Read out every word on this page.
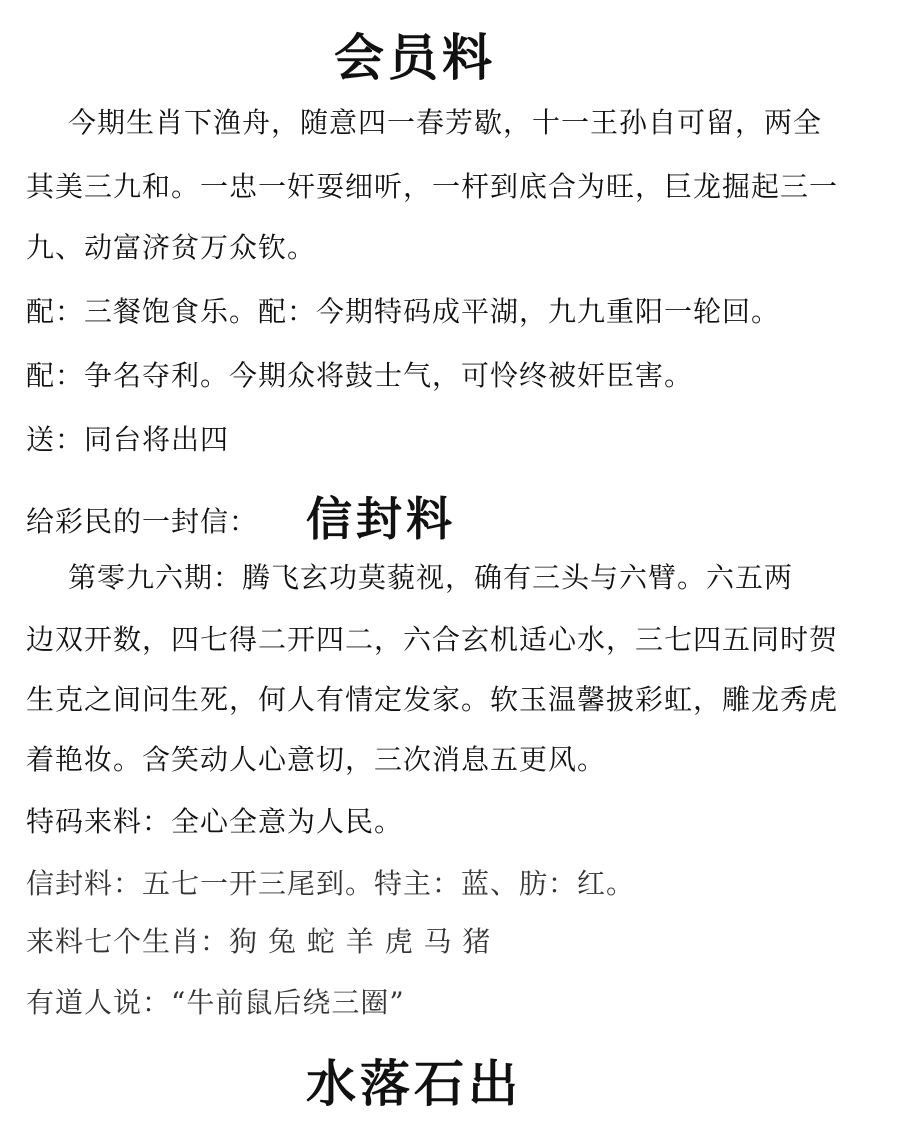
会员料
今期生肖下渔舟，随意四一春芳歇，十一王孙自可留，两全
其美三九和。一忠一奸耍细听，一杆到底合为旺，巨龙掘起三一
九、动富济贫万众钦。
配：三餐饱食乐。配：今期特码成平湖，九九重阳一轮回。
配：争名夺利。今期众将鼓士气，可怜终被奸臣害。
送：同台将出四
给彩民的一封信： 信封料
第零九六期：腾飞玄功莫藐视，确有三头与六臂。六五两
边双开数，四七得二开四二，六合玄机适心水，三七四五同时贺
生克之间问生死，何人有情定发家。软玉温馨披彩虹，雕龙秀虎
着艳妆。含笑动人心意切，三次消息五更风。
特码来料：全心全意为人民。
信封料：五七一开三尾到。特主：蓝、肪：红。
来料七个生肖：狗 兔 蛇 羊 虎 马 猪
有道人说：“牛前鼠后绕三圈”
水落石出
